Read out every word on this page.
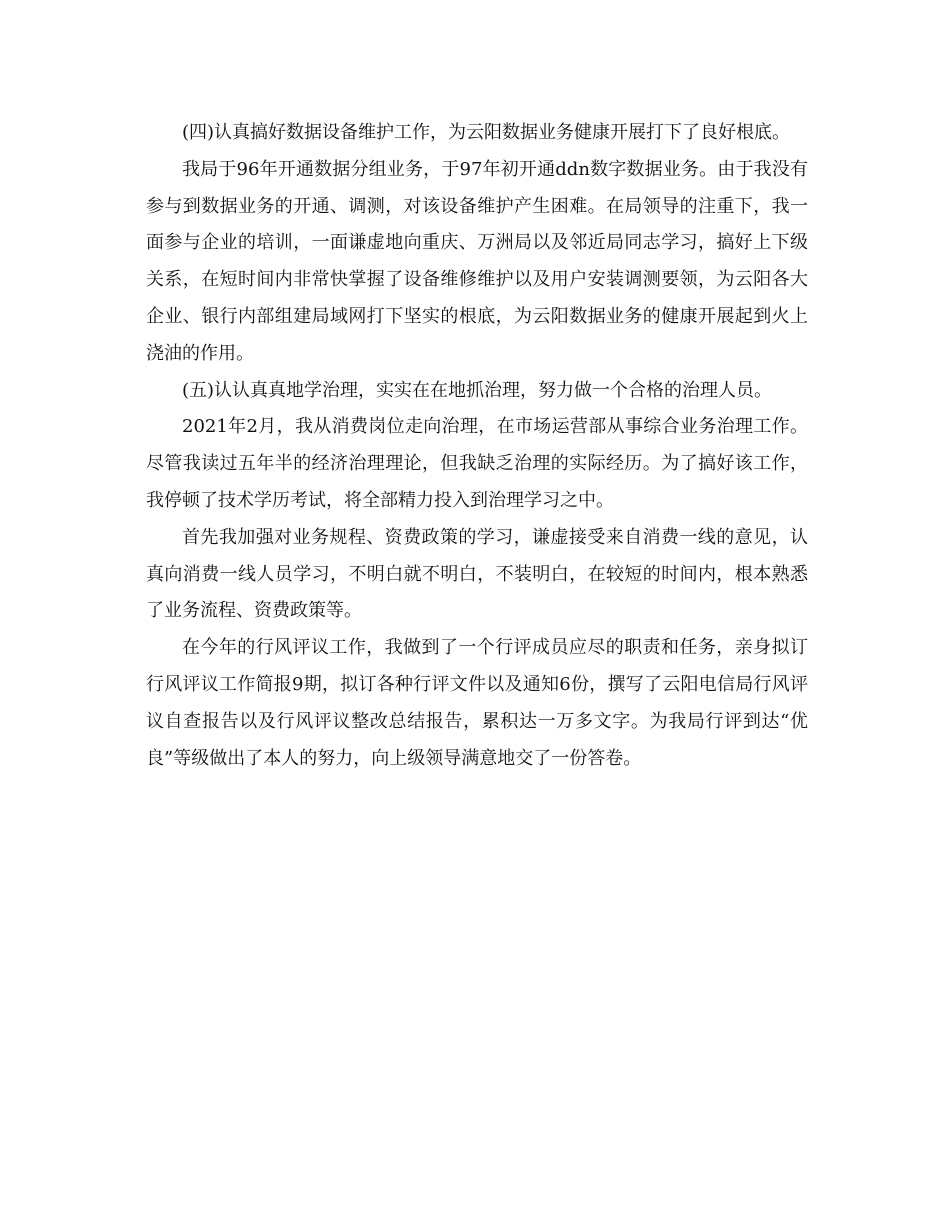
(四)认真搞好数据设备维护工作，为云阳数据业务健康开展打下了良好根底。

我局于96年开通数据分组业务，于97年初开通ddn数字数据业务。由于我没有参与到数据业务的开通、调测，对该设备维护产生困难。在局领导的注重下，我一面参与企业的培训，一面谦虚地向重庆、万洲局以及邻近局同志学习，搞好上下级关系，在短时间内非常快掌握了设备维修维护以及用户安装调测要领，为云阳各大企业、银行内部组建局域网打下坚实的根底，为云阳数据业务的健康开展起到火上浇油的作用。

(五)认认真真地学治理，实实在在地抓治理，努力做一个合格的治理人员。

2021年2月，我从消费岗位走向治理，在市场运营部从事综合业务治理工作。尽管我读过五年半的经济治理理论，但我缺乏治理的实际经历。为了搞好该工作，我停顿了技术学历考试，将全部精力投入到治理学习之中。

首先我加强对业务规程、资费政策的学习，谦虚接受来自消费一线的意见，认真向消费一线人员学习，不明白就不明白，不装明白，在较短的时间内，根本熟悉了业务流程、资费政策等。

在今年的行风评议工作，我做到了一个行评成员应尽的职责和任务，亲身拟订行风评议工作简报9期，拟订各种行评文件以及通知6份，撰写了云阳电信局行风评议自查报告以及行风评议整改总结报告，累积达一万多文字。为我局行评到达“优良”等级做出了本人的努力，向上级领导满意地交了一份答卷。
